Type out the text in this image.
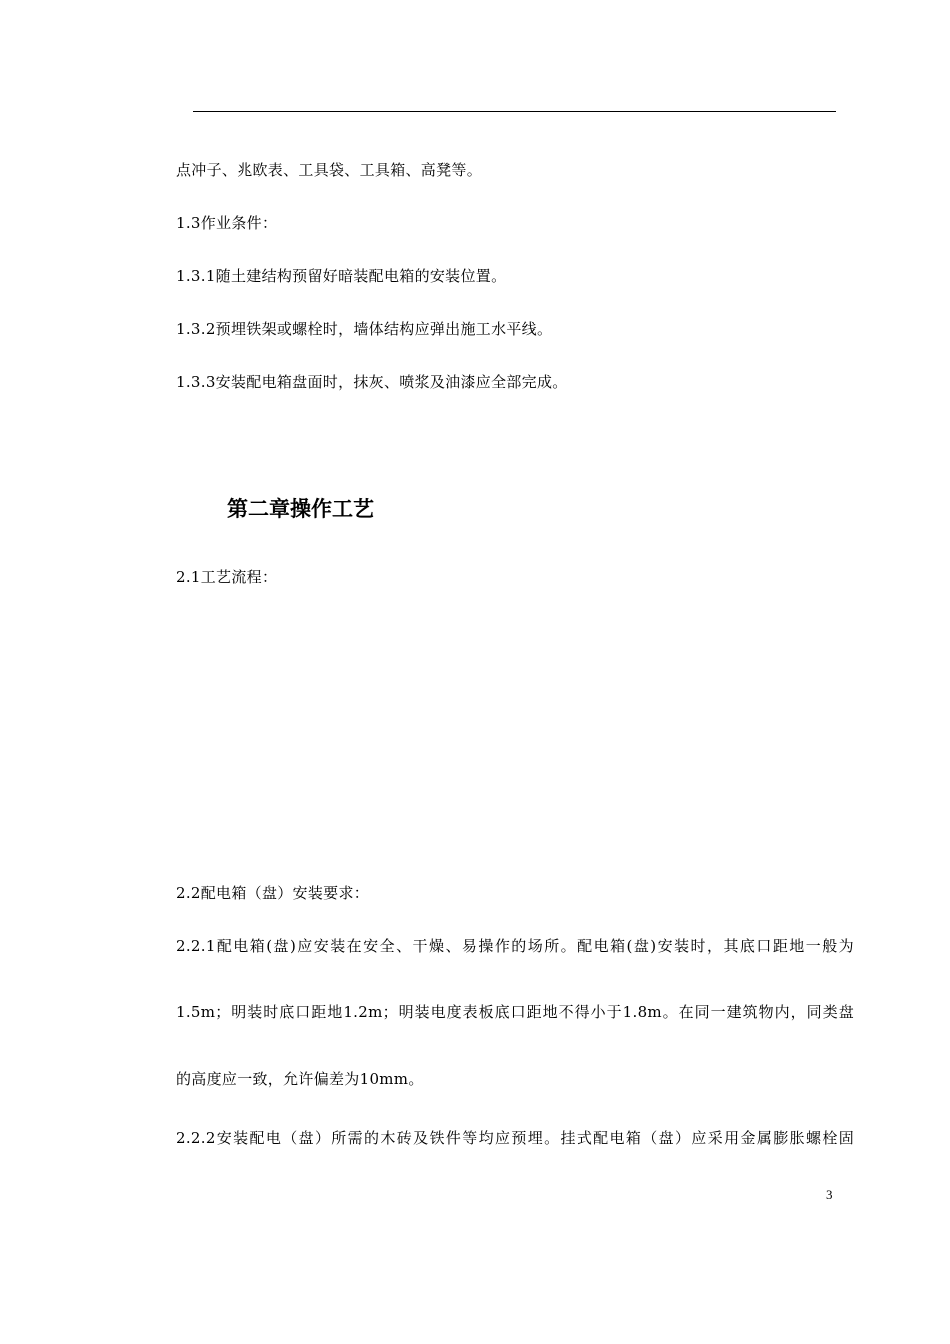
点冲子、兆欧表、工具袋、工具箱、高凳等。
1.3作业条件：
1.3.1随土建结构预留好暗装配电箱的安装位置。
1.3.2预埋铁架或螺栓时，墙体结构应弹出施工水平线。
1.3.3安装配电箱盘面时，抹灰、喷浆及油漆应全部完成。
第二章操作工艺
2.1工艺流程：
2.2配电箱（盘）安装要求：
2.2.1配电箱(盘)应安装在安全、干燥、易操作的场所。配电箱(盘)安装时，其底口距地一般为
1.5m；明装时底口距地1.2m；明装电度表板底口距地不得小于1.8m。在同一建筑物内，同类盘
的高度应一致，允许偏差为10mm。
2.2.2安装配电（盘）所需的木砖及铁件等均应预埋。挂式配电箱（盘）应采用金属膨胀螺栓固
3
